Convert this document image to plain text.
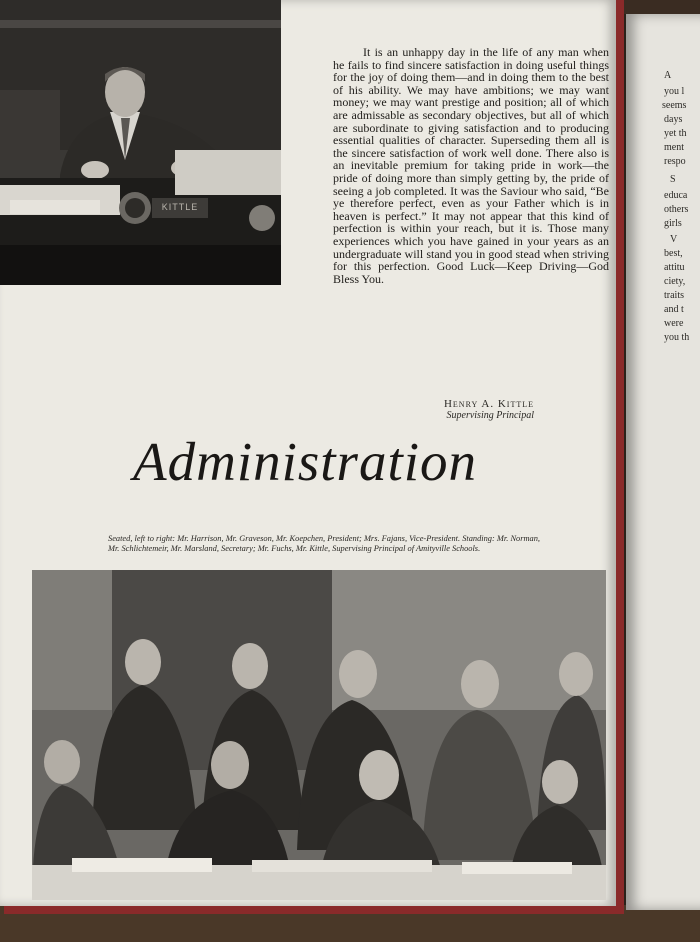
A
you l
seems
days
yet th
ment
respo
S
educa
others
girls
V
best,
attitu
ciety,
traits
and t
were
you th
KITTLE

It is an unhappy day in the life of any man when he fails to find sincere satisfaction in doing useful things for the joy of doing them—and in doing them to the best of his ability. We may have ambitions; we may want money; we may want prestige and position; all of which are admissable as secondary objectives, but all of which are subordinate to giving satisfaction and to producing essential qualities of character. Superseding them all is the sincere satisfaction of work well done. There also is an inevitable premium for taking pride in work—the pride of doing more than simply getting by, the pride of seeing a job completed. It was the Saviour who said, “Be ye therefore perfect, even as your Father which is in heaven is perfect.” It may not appear that this kind of perfection is within your reach, but it is. Those many experiences which you have gained in your years as an undergraduate will stand you in good stead when striving for this perfection. Good Luck—Keep Driving—God Bless You.

Henry A. Kittle
Supervising Principal
Administration

Seated, left to right: Mr. Harrison, Mr. Graveson, Mr. Koepchen, President; Mrs. Fajans, Vice-President. Standing: Mr. Norman, Mr. Schlichtemeir, Mr. Marsland, Secretary; Mr. Fuchs, Mr. Kittle, Supervising Principal of Amityville Schools.
